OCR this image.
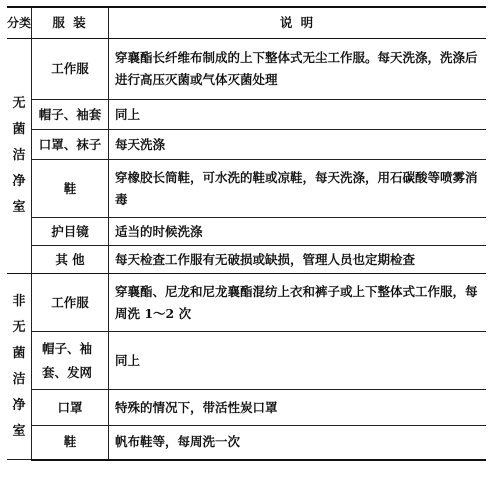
分类	服 装	说 明

无菌洁净室	工作服	穿襄酯长纤维布制成的上下整体式无尘工作服。每天洗涤，洗涤后进行高压灭菌或气体灭菌处理
	帽子、袖套	同上
	口罩、袜子	每天洗涤
	鞋	穿橡胶长筒鞋，可水洗的鞋或凉鞋，每天洗涤，用石碳酸等喷雾消毒
	护目镜	适当的时候洗涤
	其 他	每天检查工作服有无破损或缺损，管理人员也定期检查

非无菌洁净室	工作服	穿襄酯、尼龙和尼龙襄酯混纺上衣和裤子或上下整体式工作服，每周洗 1～2 次
	帽子、袖套、发网	同上
	口罩	特殊的情况下，带活性炭口罩
	鞋	帆布鞋等，每周洗一次
